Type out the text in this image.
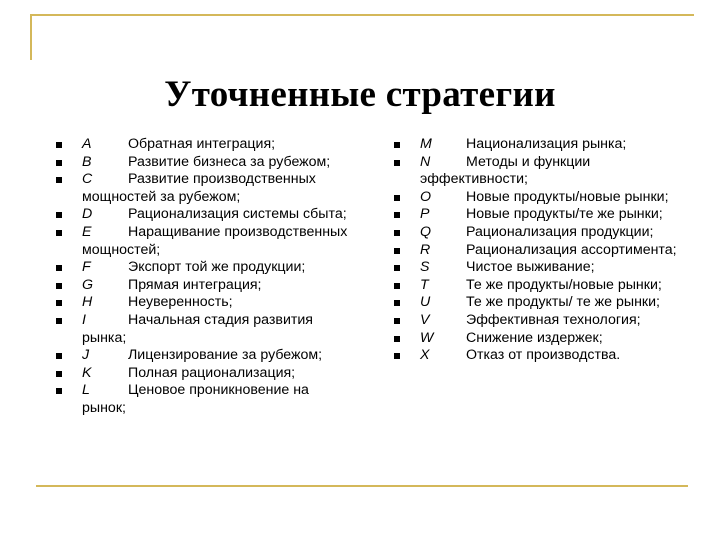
Уточненные стратегии
A	Обратная интеграция;
B	Развитие бизнеса за рубежом;
C	Развитие производственных мощностей за рубежом;
D	Рационализация системы сбыта;
E	Наращивание производственных мощностей;
F	Экспорт той же продукции;
G Прямая интеграция;
H	Неуверенность;
I	Начальная стадия развития рынка;
J	Лицензирование за рубежом;
K	Полная рационализация;
L	Ценовое проникновение на рынок;
M Национализация рынка;
N	Методы и функции эффективности;
O Новые продукты/новые рынки;
P	Новые продукты/те же рынки;
Q Рационализация продукции;
R	Рационализация ассортимента;
S	Чистое выживание;
T	Те же продукты/новые рынки;
U	Те же продукты/ те же рынки;
V	Эффективная технология;
W Снижение издержек;
X	Отказ от производства.
